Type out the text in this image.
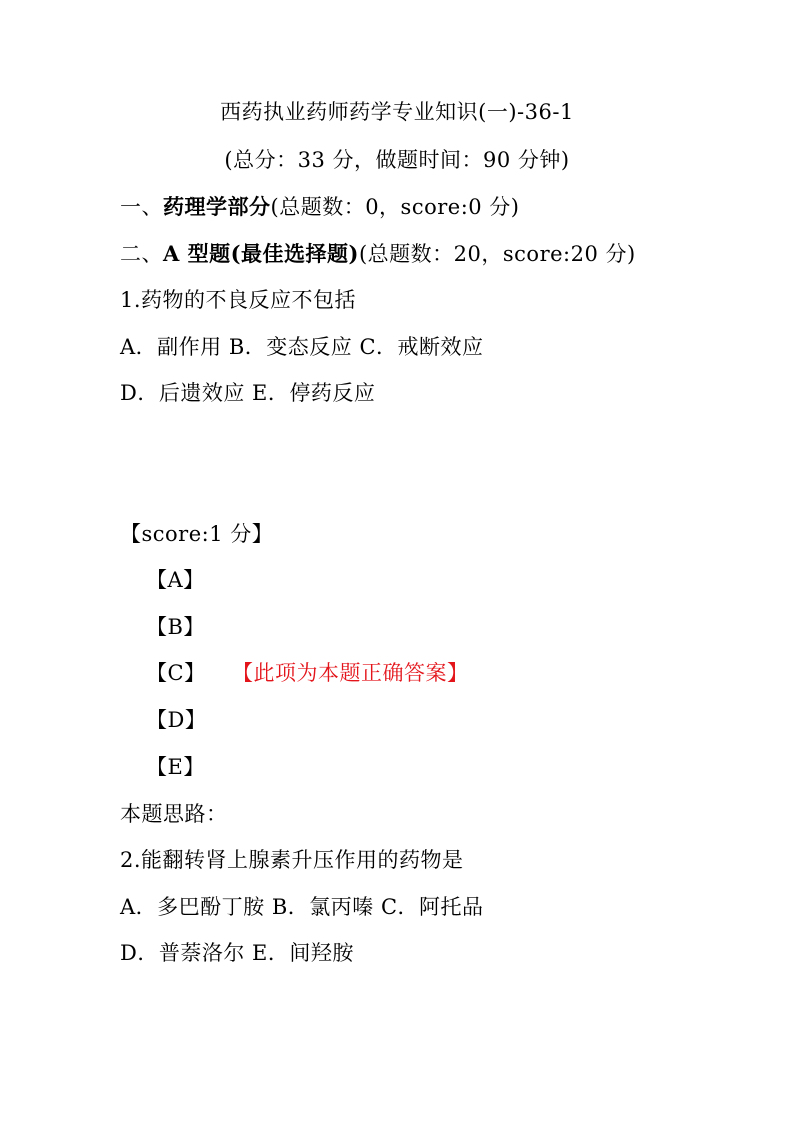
西药执业药师药学专业知识(一)-36-1
(总分：33 分，做题时间：90 分钟)
一、药理学部分(总题数：0，score:0 分)
二、A 型题(最佳选择题)(总题数：20，score:20 分)
1.药物的不良反应不包括
A．副作用 B．变态反应 C．戒断效应
D．后遗效应 E．停药反应
【score:1 分】
【A】
【B】
【C】 【此项为本题正确答案】
【D】
【E】
本题思路：
2.能翻转肾上腺素升压作用的药物是
A．多巴酚丁胺 B．氯丙嗪 C．阿托品
D．普萘洛尔 E．间羟胺
